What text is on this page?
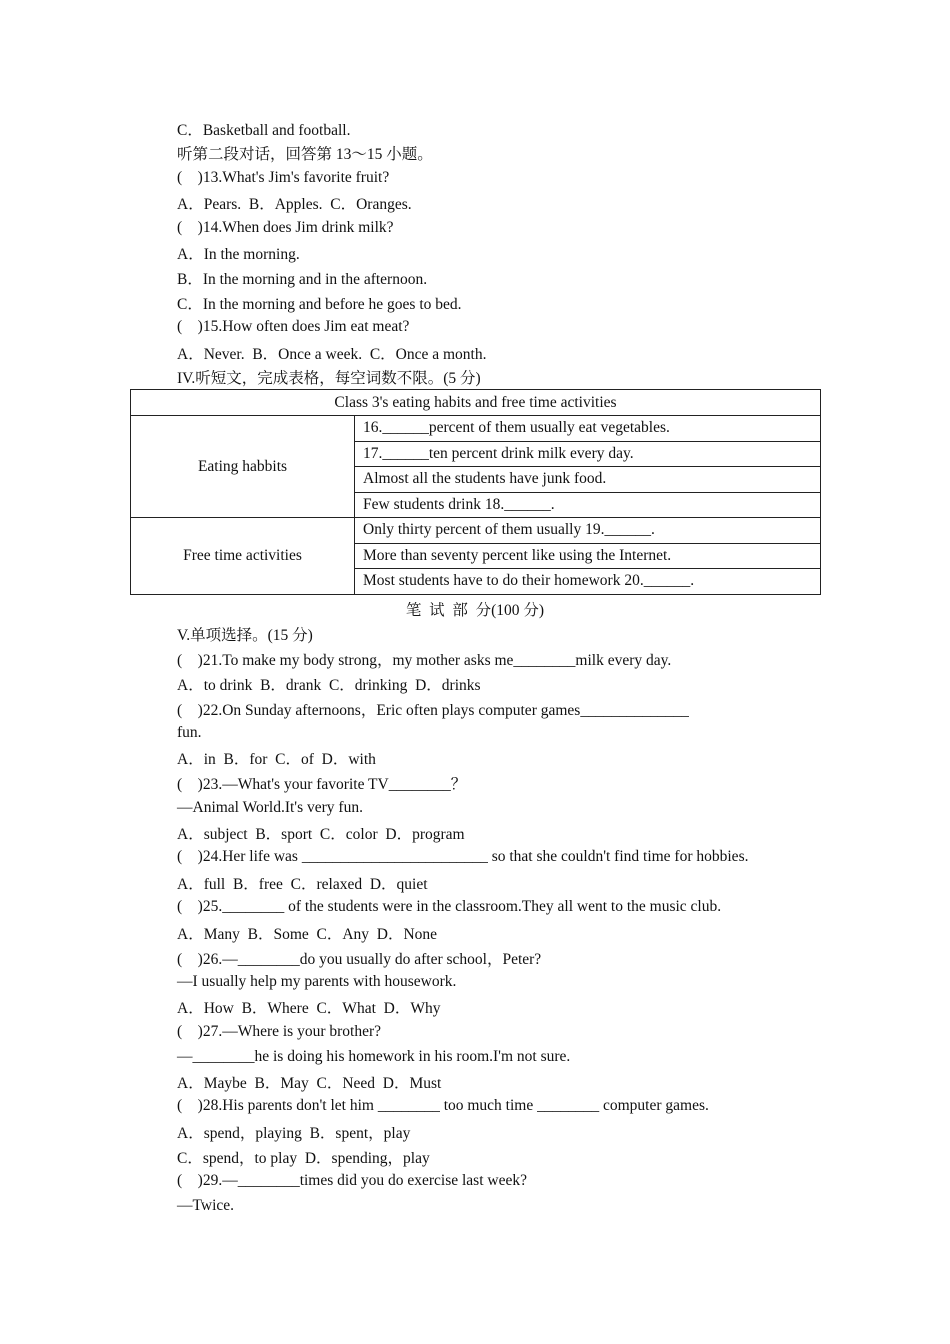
C．Basketball and football.
听第二段对话，回答第 13～15 小题。
(    )13.What's Jim's favorite fruit?
A．Pears.  B．Apples.  C．Oranges.
(    )14.When does Jim drink milk?
A．In the morning.
B．In the morning and in the afternoon.
C．In the morning and before he goes to bed.
(    )15.How often does Jim eat meat?
A．Never.  B．Once a week.  C．Once a month.
IV.听短文，完成表格，每空词数不限。(5 分)
Class 3's eating habits and free time activities	
Eating habbits	16.______percent of them usually eat vegetables.
	17.______ten percent drink milk every day.
	Almost all the students have junk food.
	Few students drink 18.______.
Free time activities	Only thirty percent of them usually 19.______.
	More than seventy percent like using the Internet.
	Most students have to do their homework 20.______.
笔  试  部  分(100 分)
V.单项选择。(15 分)
(    )21.To make my body strong，my mother asks me________milk every day.
A．to drink  B．drank  C．drinking  D．drinks
(    )22.On Sunday afternoons，Eric often plays computer games______________
fun.
A．in  B．for  C．of  D．with
(    )23.—What's your favorite TV________？
—Animal World.It's very fun.
A．subject  B．sport  C．color  D．program
(    )24.Her life was ________________________ so that she couldn't find time for hobbies.
A．full  B．free  C．relaxed  D．quiet
(    )25.________ of the students were in the classroom.They all went to the music club.
A．Many  B．Some  C．Any  D．None
(    )26.—________do you usually do after school，Peter?
—I usually help my parents with housework.
A．How  B．Where  C．What  D．Why
(    )27.—Where is your brother?
—________he is doing his homework in his room.I'm not sure.
A．Maybe  B．May  C．Need  D．Must
(    )28.His parents don't let him ________ too much time ________ computer games.
A．spend，playing  B．spent，play
C．spend，to play  D．spending，play
(    )29.—________times did you do exercise last week?
—Twice.
